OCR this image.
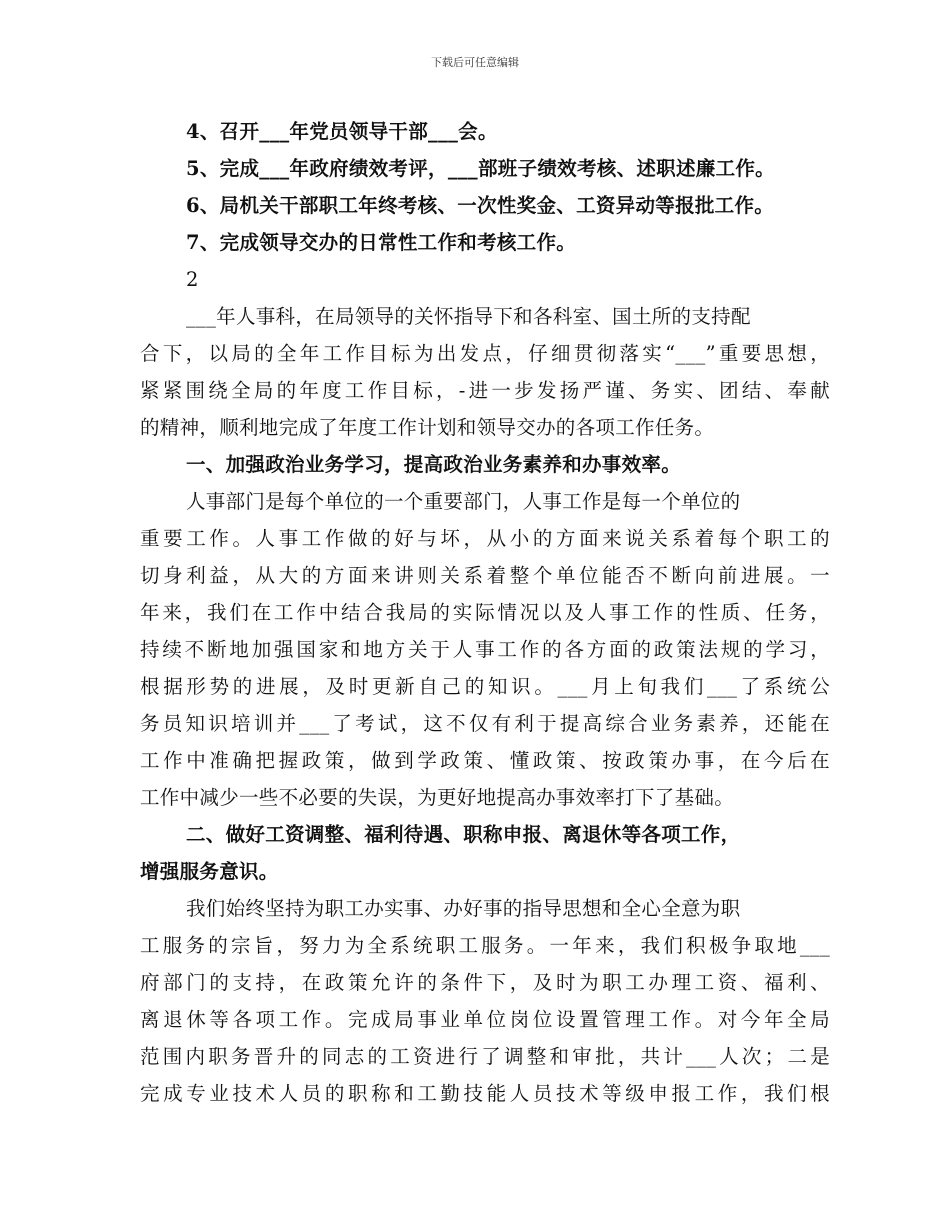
下载后可任意编辑
4、召开___年党员领导干部___会。
5、完成___年政府绩效考评，___部班子绩效考核、述职述廉工作。
6、局机关干部职工年终考核、一次性奖金、工资异动等报批工作。
7、完成领导交办的日常性工作和考核工作。
2
___年人事科，在局领导的关怀指导下和各科室、国土所的支持配
合下，以局的全年工作目标为出发点，仔细贯彻落实“___”重要思想，
紧紧围绕全局的年度工作目标，-进一步发扬严谨、务实、团结、奉献
的精神，顺利地完成了年度工作计划和领导交办的各项工作任务。
一、加强政治业务学习，提高政治业务素养和办事效率。
人事部门是每个单位的一个重要部门，人事工作是每一个单位的
重要工作。人事工作做的好与坏，从小的方面来说关系着每个职工的
切身利益，从大的方面来讲则关系着整个单位能否不断向前进展。一
年来，我们在工作中结合我局的实际情况以及人事工作的性质、任务，
持续不断地加强国家和地方关于人事工作的各方面的政策法规的学习，
根据形势的进展，及时更新自己的知识。___月上旬我们___了系统公
务员知识培训并___了考试，这不仅有利于提高综合业务素养，还能在
工作中准确把握政策，做到学政策、懂政策、按政策办事，在今后在
工作中减少一些不必要的失误，为更好地提高办事效率打下了基础。
二、做好工资调整、福利待遇、职称申报、离退休等各项工作，
增强服务意识。
我们始终坚持为职工办实事、办好事的指导思想和全心全意为职
工服务的宗旨，努力为全系统职工服务。一年来，我们积极争取地___
府部门的支持，在政策允许的条件下，及时为职工办理工资、福利、
离退休等各项工作。完成局事业单位岗位设置管理工作。对今年全局
范围内职务晋升的同志的工资进行了调整和审批，共计___人次；二是
完成专业技术人员的职称和工勤技能人员技术等级申报工作，我们根
